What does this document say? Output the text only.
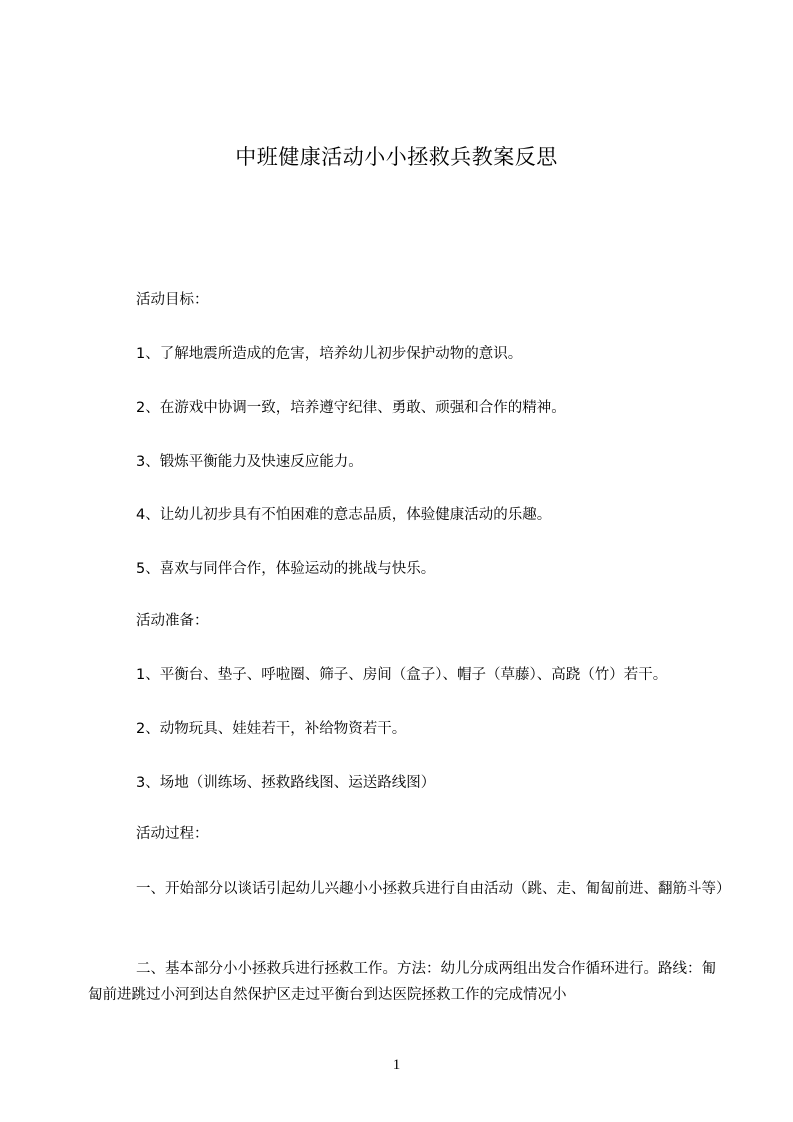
中班健康活动小小拯救兵教案反思
活动目标：
1、了解地震所造成的危害，培养幼儿初步保护动物的意识。
2、在游戏中协调一致，培养遵守纪律、勇敢、顽强和合作的精神。
3、锻炼平衡能力及快速反应能力。
4、让幼儿初步具有不怕困难的意志品质，体验健康活动的乐趣。
5、喜欢与同伴合作，体验运动的挑战与快乐。
活动准备：
1、平衡台、垫子、呼啦圈、筛子、房间（盒子）、帽子（草藤）、高跷（竹）若干。
2、动物玩具、娃娃若干，补给物资若干。
3、场地（训练场、拯救路线图、运送路线图）
活动过程：
一、开始部分以谈话引起幼儿兴趣小小拯救兵进行自由活动（跳、走、匍匐前进、翻筋斗等）
二、基本部分小小拯救兵进行拯救工作。方法：幼儿分成两组出发合作循环进行。路线：匍匐前进跳过小河到达自然保护区走过平衡台到达医院拯救工作的完成情况小
1
